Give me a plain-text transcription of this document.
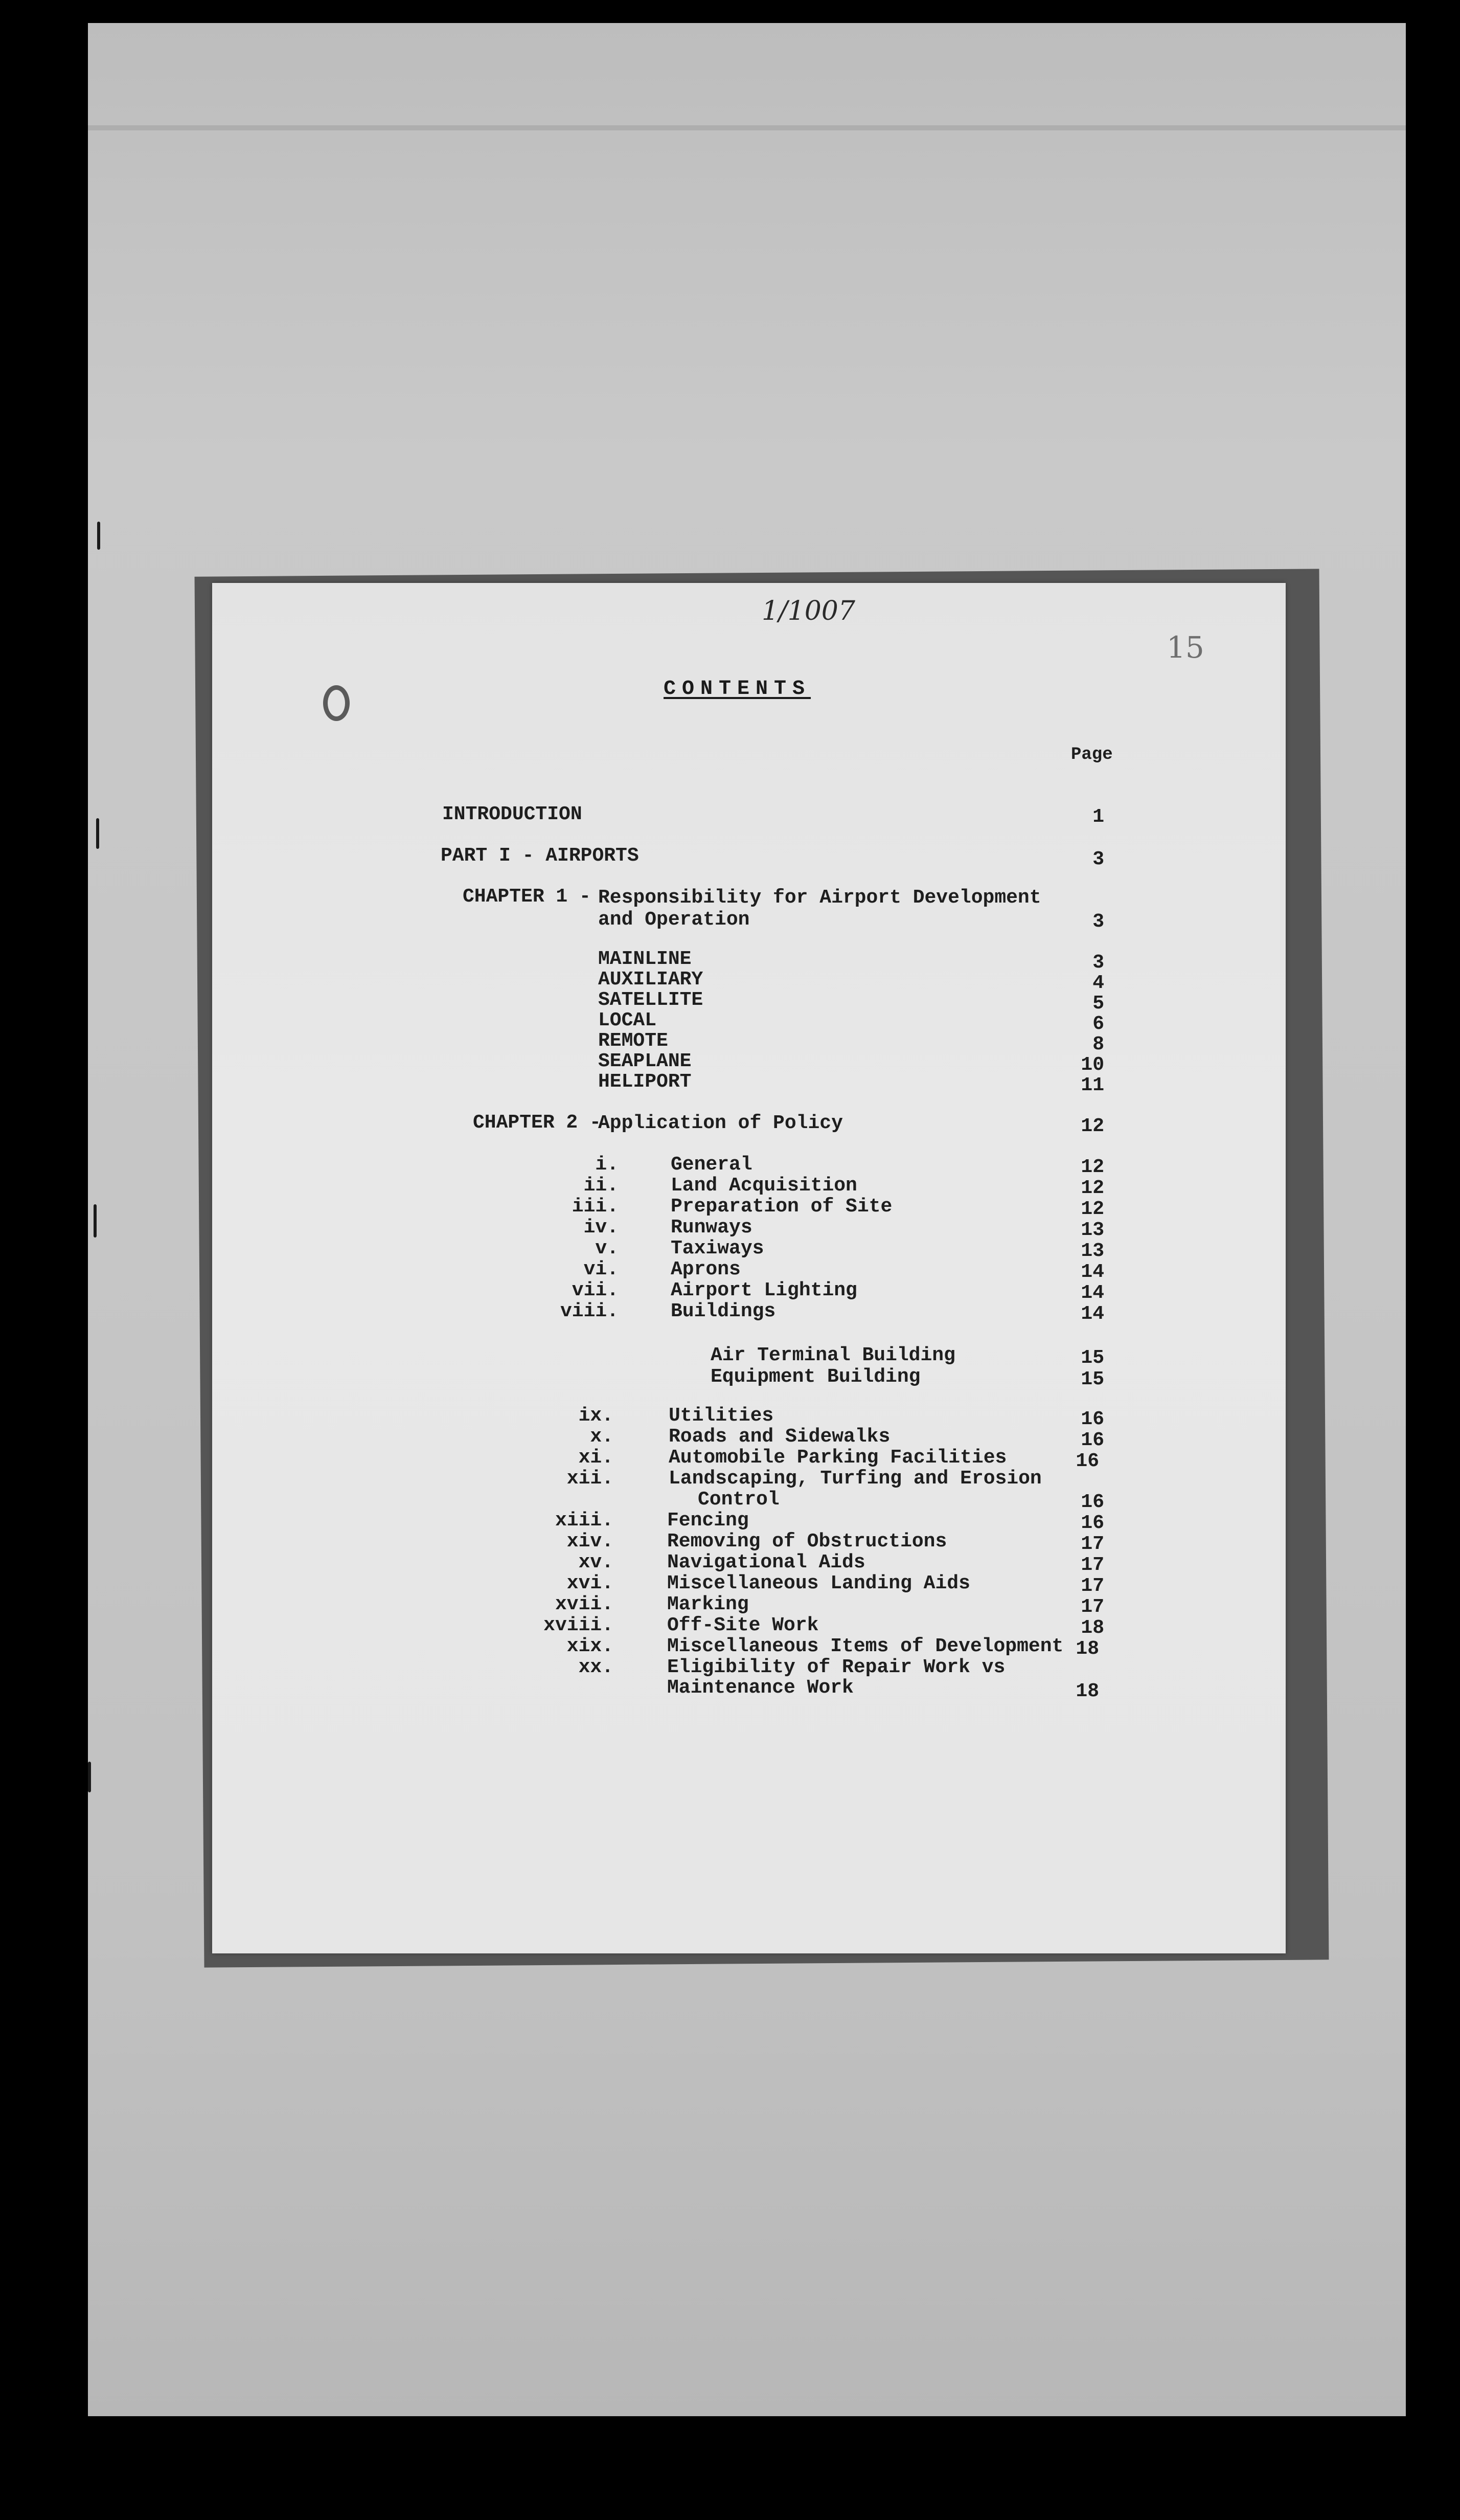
1/1007
15
CONTENTS
Page
INTRODUCTION	1
PART I - AIRPORTS	3
CHAPTER 1 - Responsibility for Airport Development
and Operation	3
MAINLINE	3
AUXILIARY	4
SATELLITE	5
LOCAL	6
REMOTE	8
SEAPLANE	10
HELIPORT	11
CHAPTER 2 -
Application of Policy	12
i.	General	12
ii.	Land Acquisition	12
iii.	Preparation of Site	12
iv.	Runways	13
v.	Taxiways	13
vi.	Aprons	14
vii.	Airport Lighting	14
viii.	Buildings	14
Air Terminal Building	15
Equipment Building	15
ix.	Utilities	16
x.	Roads and Sidewalks	16
xi.	Automobile Parking Facilities	16
xii.	Landscaping, Turfing and Erosion
Control	16
xiii.	Fencing	16
xiv.	Removing of Obstructions	17
xv.	Navigational Aids	17
xvi.	Miscellaneous Landing Aids	17
xvii.	Marking	17
xviii.	Off-Site Work	18
xix.	Miscellaneous Items of Development 18
xx.	Eligibility of Repair Work vs
Maintenance Work	18
